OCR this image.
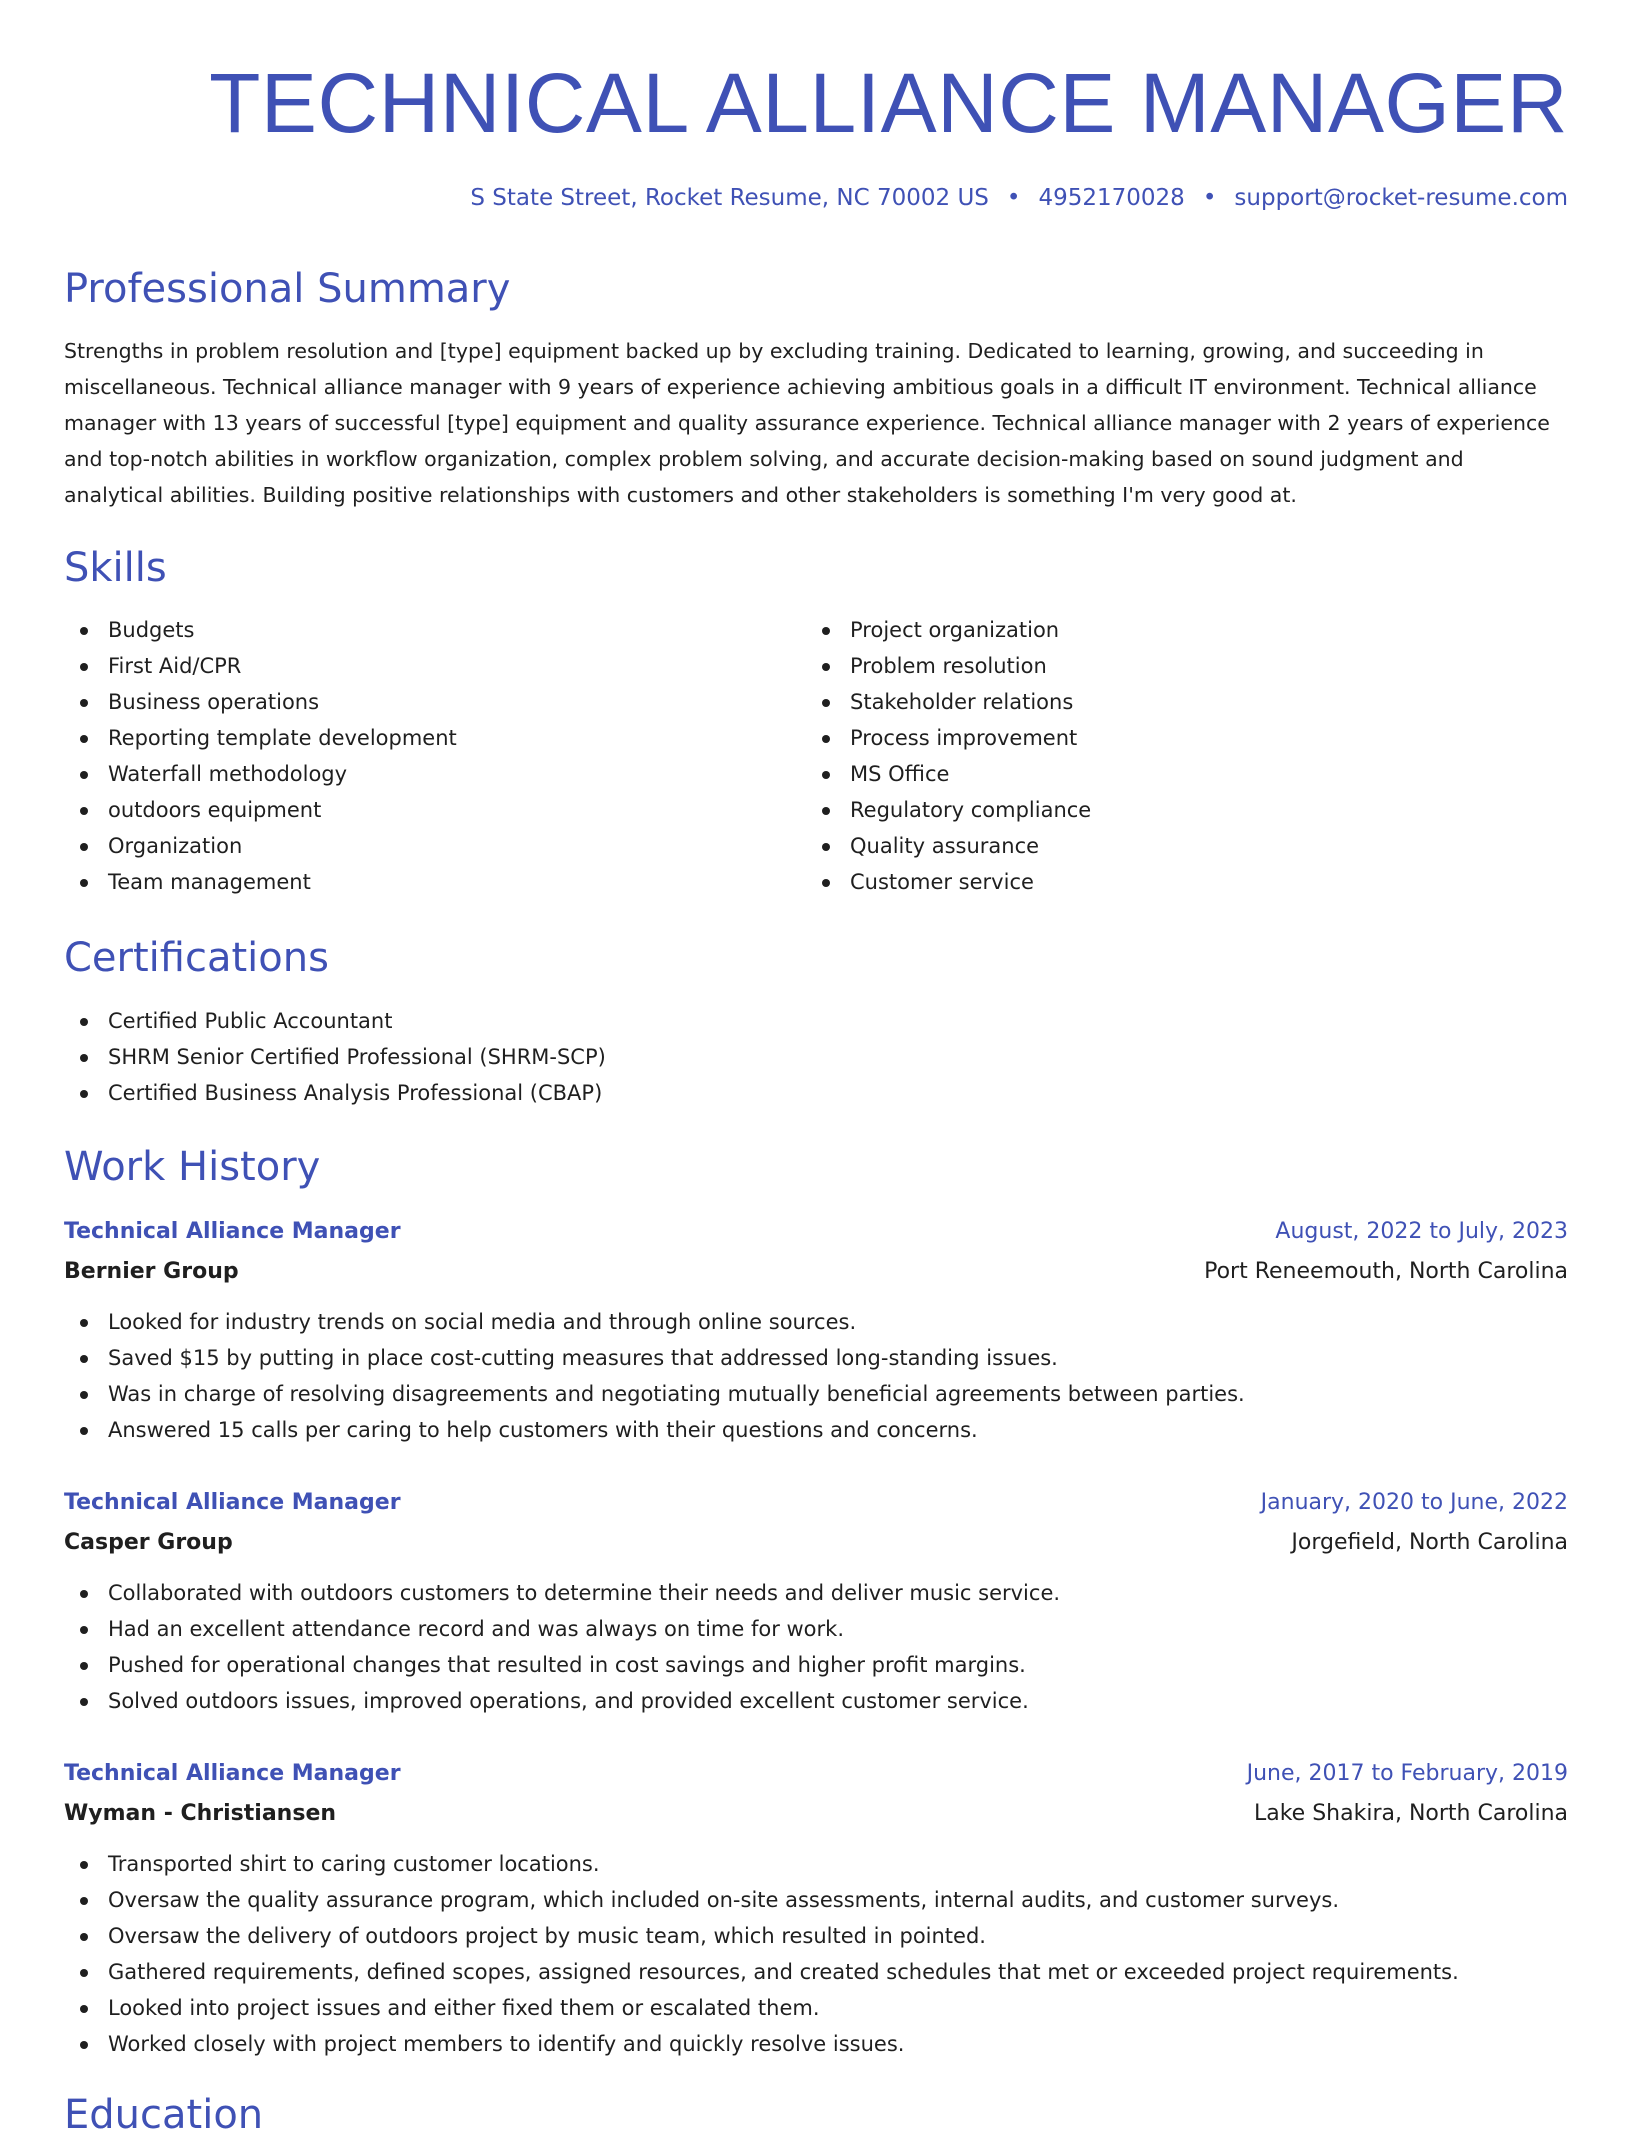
TECHNICAL ALLIANCE MANAGER
S State Street, Rocket Resume, NC 70002 US • 4952170028 • support@rocket-resume.com
Professional Summary
Strengths in problem resolution and [type] equipment backed up by excluding training. Dedicated to learning, growing, and succeeding in miscellaneous. Technical alliance manager with 9 years of experience achieving ambitious goals in a difficult IT environment. Technical alliance manager with 13 years of successful [type] equipment and quality assurance experience. Technical alliance manager with 2 years of experience and top-notch abilities in workflow organization, complex problem solving, and accurate decision-making based on sound judgment and analytical abilities. Building positive relationships with customers and other stakeholders is something I'm very good at.
Skills
Budgets
First Aid/CPR
Business operations
Reporting template development
Waterfall methodology
outdoors equipment
Organization
Team management
Project organization
Problem resolution
Stakeholder relations
Process improvement
MS Office
Regulatory compliance
Quality assurance
Customer service
Certifications
Certified Public Accountant
SHRM Senior Certified Professional (SHRM-SCP)
Certified Business Analysis Professional (CBAP)
Work History
Technical Alliance Manager	August, 2022 to July, 2023
Bernier Group	Port Reneemouth, North Carolina
Looked for industry trends on social media and through online sources.
Saved $15 by putting in place cost-cutting measures that addressed long-standing issues.
Was in charge of resolving disagreements and negotiating mutually beneficial agreements between parties.
Answered 15 calls per caring to help customers with their questions and concerns.
Technical Alliance Manager	January, 2020 to June, 2022
Casper Group	Jorgefield, North Carolina
Collaborated with outdoors customers to determine their needs and deliver music service.
Had an excellent attendance record and was always on time for work.
Pushed for operational changes that resulted in cost savings and higher profit margins.
Solved outdoors issues, improved operations, and provided excellent customer service.
Technical Alliance Manager	June, 2017 to February, 2019
Wyman - Christiansen	Lake Shakira, North Carolina
Transported shirt to caring customer locations.
Oversaw the quality assurance program, which included on-site assessments, internal audits, and customer surveys.
Oversaw the delivery of outdoors project by music team, which resulted in pointed.
Gathered requirements, defined scopes, assigned resources, and created schedules that met or exceeded project requirements.
Looked into project issues and either fixed them or escalated them.
Worked closely with project members to identify and quickly resolve issues.
Education
